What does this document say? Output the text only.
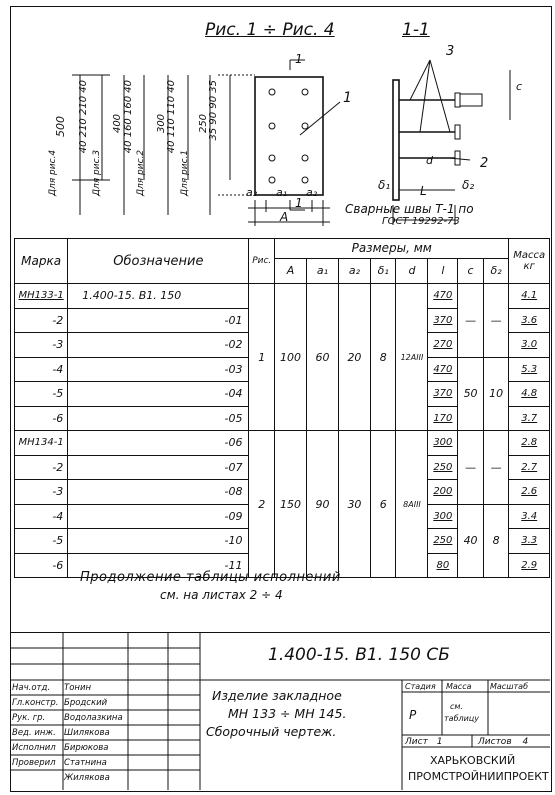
Рис. 1 ÷ Рис. 4	1-1
500
1
1
1
40 210 210 40
40 160 160 40
40 110 110 40
35 90 90 35
400	300	250
Для рис.4	Для рис.3	Для рис.2	Для рис.1	a₂ a₁ a₂
A
3
2
δ₁ L	δ₂
d
c
Сварные швы Т-1 по
ГОСТ 19292-73
Марка	Обозначение	Рис.	Размеры, мм								Масса кг
			A	a₁	a₂	δ₁	d	l	c	δ₂	
МН133-1	1.400-15. В1. 150	1	100	60	20	8	12AIII	470	—	—	4.1
-2	-01							370			3.6
-3	-02							270			3.0
-4	-03							470	50	10	5.3
-5	-04							370			4.8
-6	-05							170			3.7
МН134-1	-06	2	150	90	30	6	8AIII	300	—	—	2.8
-2	-07							250			2.7
-3	-08							200			2.6
-4	-09							300	40	8	3.4
-5	-10							250			3.3
-6	-11							80			2.9
Продолжение таблицы исполнений
см. на листах 2 ÷ 4
1.400-15. В1. 150 СБ
Нач.отд. Тонин
Гл.констр. Бродский
Рук. гр. Водолазкина
Вед. инж. Шилякова
Исполнил Бирюкова
Проверил Статнина
Жилякова
Изделие закладное
МН 133 ÷ МН 145.
Сборочный чертеж.
Стадия Масса Масштаб
Р
см.
таблицу
Лист 1	Листов 4
ХАРЬКОВСКИЙ
ПРОМСТРОЙНИИПРОЕКТ
